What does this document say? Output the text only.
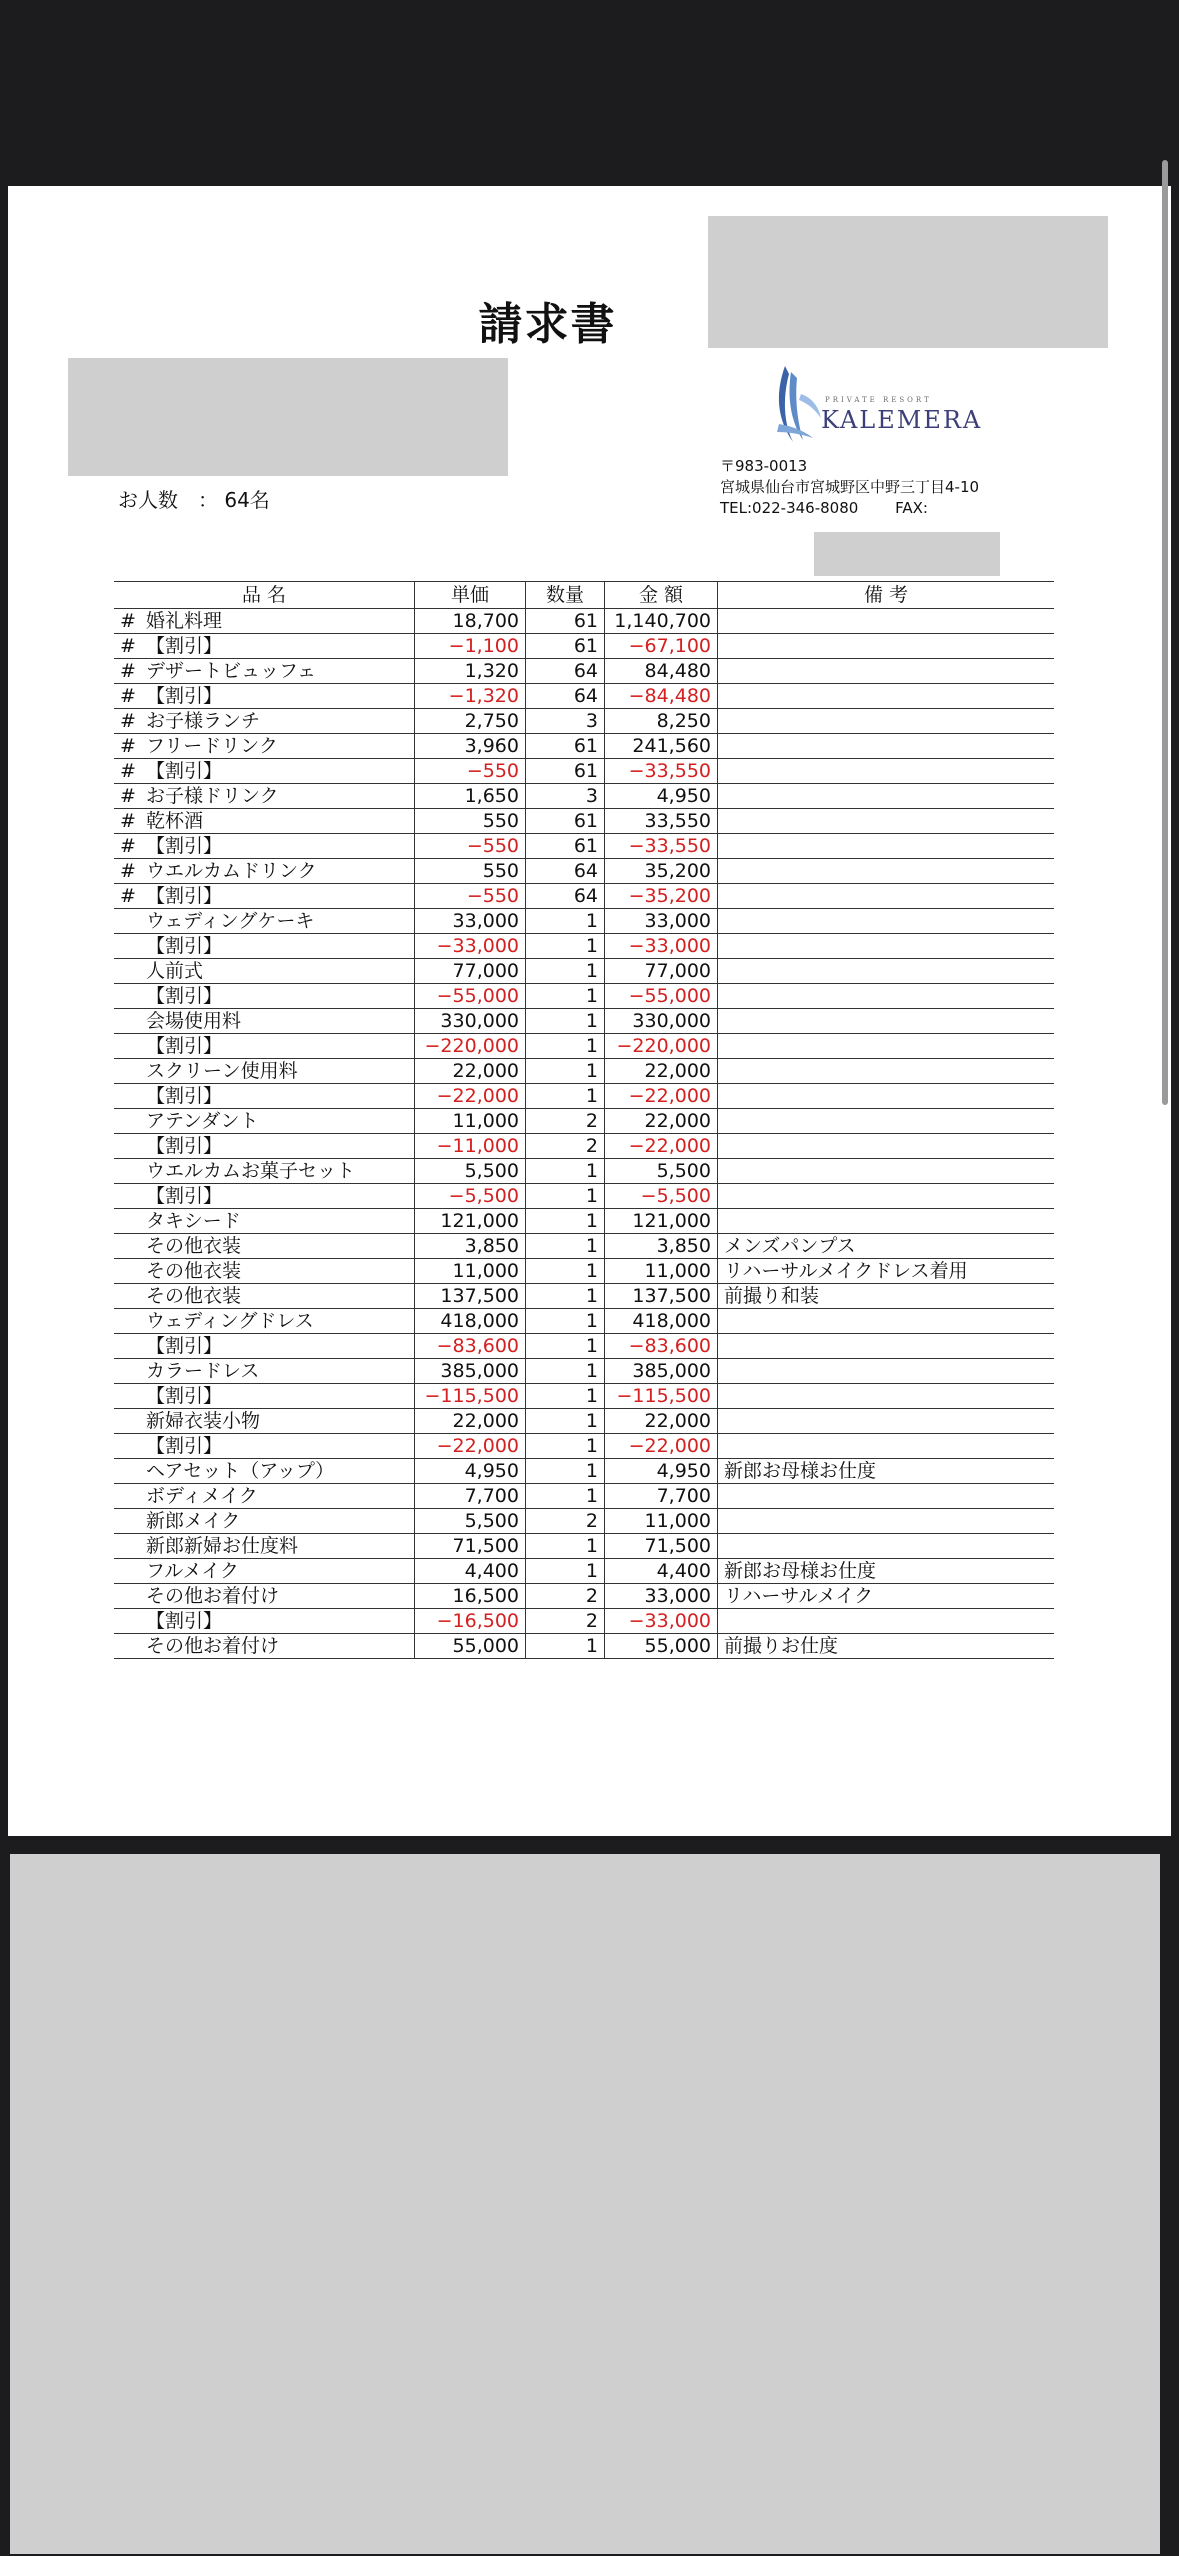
請求書
お人数　： 64名
PRIVATE RESORT
KALEMERA
〒983-0013
宮城県仙台市宮城野区中野三丁目4-10
TEL:022-346-8080 FAX:
品 名	単価	数量	金 額	備 考
# 婚礼料理	18,700	61	1,140,700	
# 【割引】	−1,100	61	−67,100	
# デザートビュッフェ	1,320	64	84,480	
# 【割引】	−1,320	64	−84,480	
# お子様ランチ	2,750	3	8,250	
# フリードリンク	3,960	61	241,560	
# 【割引】	−550	61	−33,550	
# お子様ドリンク	1,650	3	4,950	
# 乾杯酒	550	61	33,550	
# 【割引】	−550	61	−33,550	
# ウエルカムドリンク	550	64	35,200	
# 【割引】	−550	64	−35,200	
ウェディングケーキ	33,000	1	33,000	
【割引】	−33,000	1	−33,000	
人前式	77,000	1	77,000	
【割引】	−55,000	1	−55,000	
会場使用料	330,000	1	330,000	
【割引】	−220,000	1	−220,000	
スクリーン使用料	22,000	1	22,000	
【割引】	−22,000	1	−22,000	
アテンダント	11,000	2	22,000	
【割引】	−11,000	2	−22,000	
ウエルカムお菓子セット	5,500	1	5,500	
【割引】	−5,500	1	−5,500	
タキシード	121,000	1	121,000	
その他衣装	3,850	1	3,850	メンズパンプス
その他衣装	11,000	1	11,000	リハーサルメイクドレス着用
その他衣装	137,500	1	137,500	前撮り和装
ウェディングドレス	418,000	1	418,000	
【割引】	−83,600	1	−83,600	
カラードレス	385,000	1	385,000	
【割引】	−115,500	1	−115,500	
新婦衣装小物	22,000	1	22,000	
【割引】	−22,000	1	−22,000	
ヘアセット（アップ）	4,950	1	4,950	新郎お母様お仕度
ボディメイク	7,700	1	7,700	
新郎メイク	5,500	2	11,000	
新郎新婦お仕度料	71,500	1	71,500	
フルメイク	4,400	1	4,400	新郎お母様お仕度
その他お着付け	16,500	2	33,000	リハーサルメイク
【割引】	−16,500	2	−33,000	
その他お着付け	55,000	1	55,000	前撮りお仕度
